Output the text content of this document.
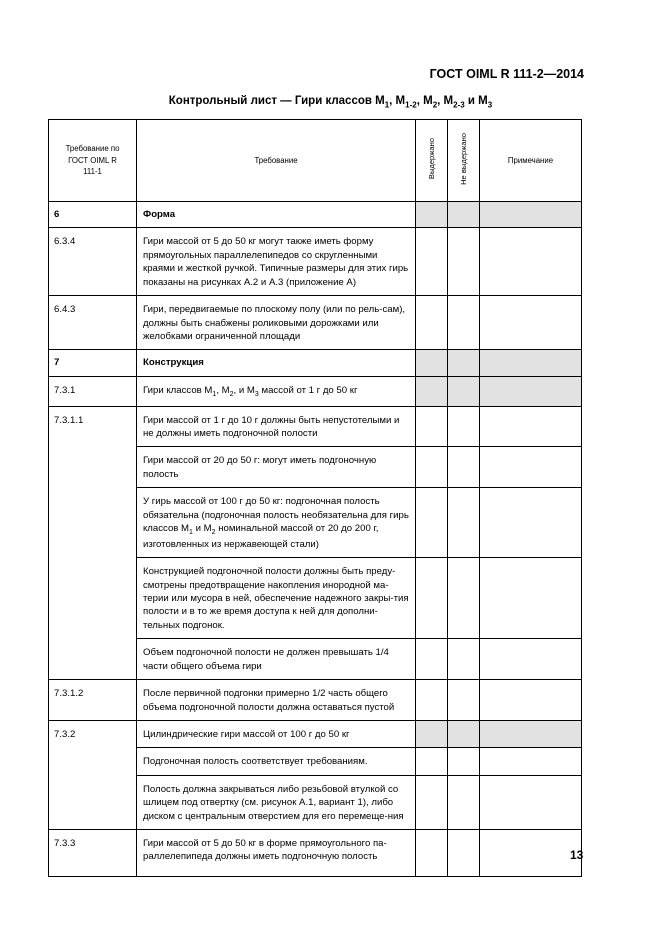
ГОСТ OIML R 111-2—2014
Контрольный лист — Гири классов $М_1$, $М_{1-2}$, $М_2$, $М_{2-3}$ и $М_3$
Требование по ГОСТ OIML R 111-1	Требование	Выдержано	Не выдержано	Примечание
6	Форма			
6.3.4	Гири массой от 5 до 50 кг могут также иметь форму прямоугольных параллелепипедов со скругленными краями и жесткой ручкой. Типичные размеры для этих гирь показаны на рисунках А.2 и А.3 (приложение А)			
6.4.3	Гири, передвигаемые по плоскому полу (или по рель-сам), должны быть снабжены роликовыми дорожками или желобками ограниченной площади			
7	Конструкция			
7.3.1	Гири классов $М_1$, $М_2$, и $М_3$ массой от 1 г до 50 кг			
7.3.1.1	Гири массой от 1 г до 10 г должны быть непустотелыми и не должны иметь подгоночной полости			
	Гири массой от 20 до 50 г: могут иметь подгоночную полость			
	У гирь массой от 100 г до 50 кг: подгоночная полость обязательна (подгоночная полость необязательна для гирь классов $М_1$ и $М_2$ номинальной массой от 20 до 200 г, изготовленных из нержавеющей стали)			
	Конструкцией подгоночной полости должны быть преду-смотрены предотвращение накопления инородной ма-терии или мусора в ней, обеспечение надежного закры-тия полости и в то же время доступа к ней для дополни-тельных подгонок.			
	Объем подгоночной полости не должен превышать 1/4 части общего объема гири			
7.3.1.2	После первичной подгонки примерно 1/2 часть общего объема подгоночной полости должна оставаться пустой			
7.3.2	Цилиндрические гири массой от 100 г до 50 кг			
	Подгоночная полость соответствует требованиям.			
	Полость должна закрываться либо резьбовой втулкой со шлицем под отвертку (см. рисунок А.1, вариант 1), либо диском с центральным отверстием для его перемеще-ния			
7.3.3	Гири массой от 5 до 50 кг в форме прямоугольного па-раллелепипеда должны иметь подгоночную полость				13
